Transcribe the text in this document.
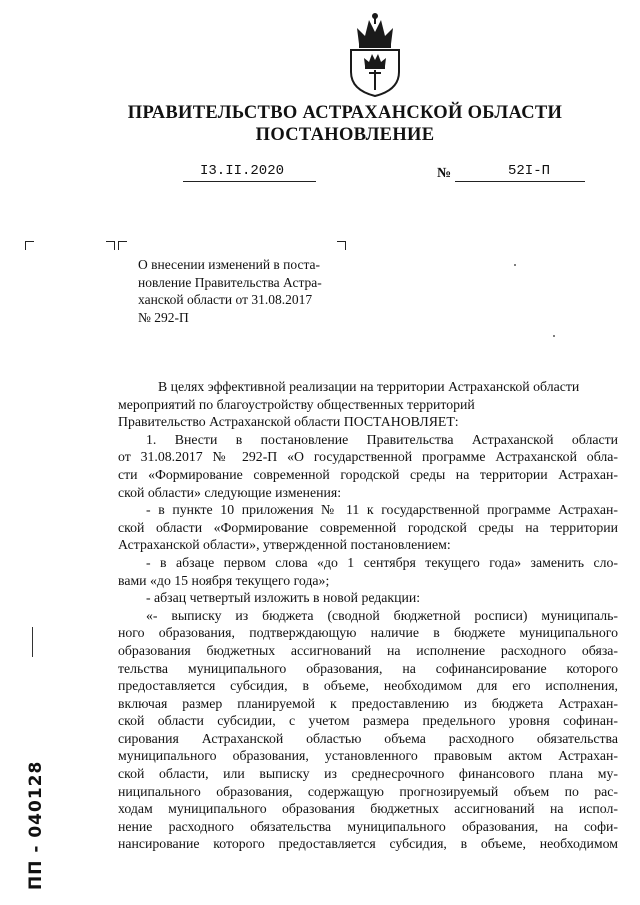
ПРАВИТЕЛЬСТВО АСТРАХАНСКОЙ ОБЛАСТИ
ПОСТАНОВЛЕНИЕ
I3.II.2020	№	52I-П
О внесении изменений в поста-
новление Правительства Астра-
ханской области от 31.08.2017
№ 292-П
В целях эффективной реализации на территории Астраханской области
мероприятий по благоустройству общественных территорий
Правительство Астраханской области ПОСТАНОВЛЯЕТ:
1. Внести в постановление Правительства Астраханской области
от 31.08.2017 № 292-П «О государственной программе Астраханской обла-
сти «Формирование современной городской среды на территории Астрахан-
ской области» следующие изменения:
- в пункте 10 приложения № 11 к государственной программе Астрахан-
ской области «Формирование современной городской среды на территории
Астраханской области», утвержденной постановлением:
- в абзаце первом слова «до 1 сентября текущего года» заменить сло-
вами «до 15 ноября текущего года»;
- абзац четвертый изложить в новой редакции:
«- выписку из бюджета (сводной бюджетной росписи) муниципаль-
ного образования, подтверждающую наличие в бюджете муниципального
образования бюджетных ассигнований на исполнение расходного обяза-
тельства муниципального образования, на софинансирование которого
предоставляется субсидия, в объеме, необходимом для его исполнения,
включая размер планируемой к предоставлению из бюджета Астрахан-
ской области субсидии, с учетом размера предельного уровня софинан-
сирования Астраханской областью объема расходного обязательства
муниципального образования, установленного правовым актом Астрахан-
ской области, или выписку из среднесрочного финансового плана му-
ниципального образования, содержащую прогнозируемый объем по рас-
ходам муниципального образования бюджетных ассигнований на испол-
нение расходного обязательства муниципального образования, на софи-
нансирование которого предоставляется субсидия, в объеме, необходимом
ПП - 040128
